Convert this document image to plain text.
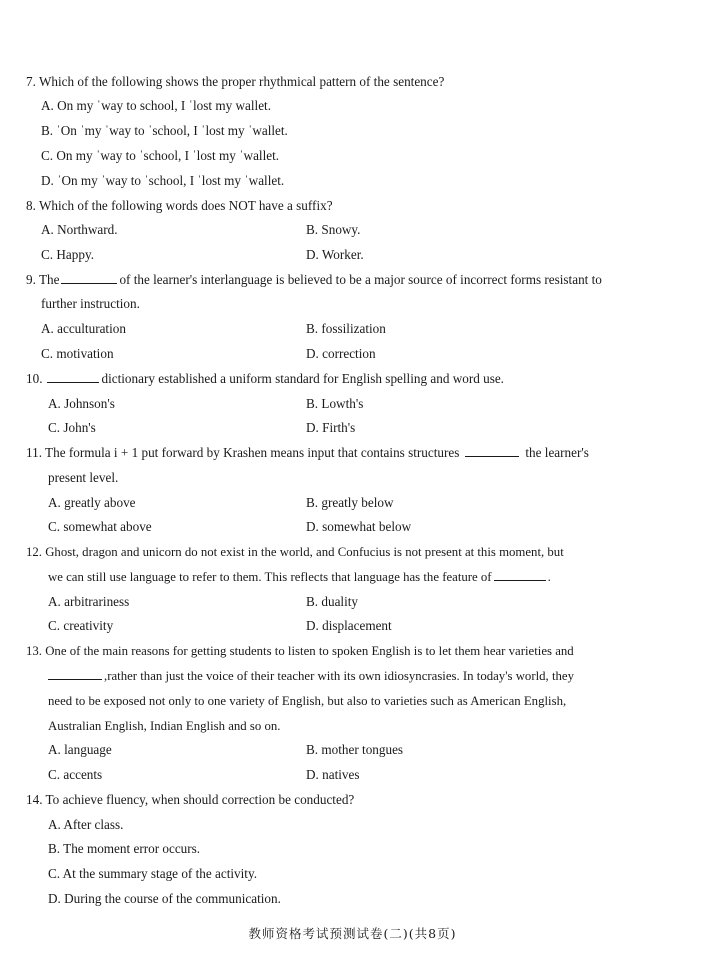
7. Which of the following shows the proper rhythmical pattern of the sentence?
A. On my ˈway to school, I ˈlost my wallet.
B. ˈOn ˈmy ˈway to ˈschool, I ˈlost my ˈwallet.
C. On my ˈway to ˈschool, I ˈlost my ˈwallet.
D. ˈOn my ˈway to ˈschool, I ˈlost my ˈwallet.
8. Which of the following words does NOT have a suffix?
A. Northward.	B. Snowy.
C. Happy.	D. Worker.
9. The	of the learner's interlanguage is believed to be a major source of incorrect forms resistant to
further instruction.
A. acculturation	B. fossilization
C. motivation	D. correction
10.	dictionary established a uniform standard for English spelling and word use.
A. Johnson's	B. Lowth's
C. John's	D. Firth's
11. The formula i + 1 put forward by Krashen means input that contains structures	the learner's
present level.
A. greatly above	B. greatly below
C. somewhat above	D. somewhat below
12. Ghost, dragon and unicorn do not exist in the world, and Confucius is not present at this moment, but
we can still use language to refer to them. This reflects that language has the feature of	.
A. arbitrariness	B. duality
C. creativity	D. displacement
13. One of the main reasons for getting students to listen to spoken English is to let them hear varieties and
,rather than just the voice of their teacher with its own idiosyncrasies. In today's world, they
need to be exposed not only to one variety of English, but also to varieties such as American English,
Australian English, Indian English and so on.
A. language	B. mother tongues
C. accents	D. natives
14. To achieve fluency, when should correction be conducted?
A. After class.
B. The moment error occurs.
C. At the summary stage of the activity.
D. During the course of the communication.
教师资格考试预测试卷(二)(共8页)
